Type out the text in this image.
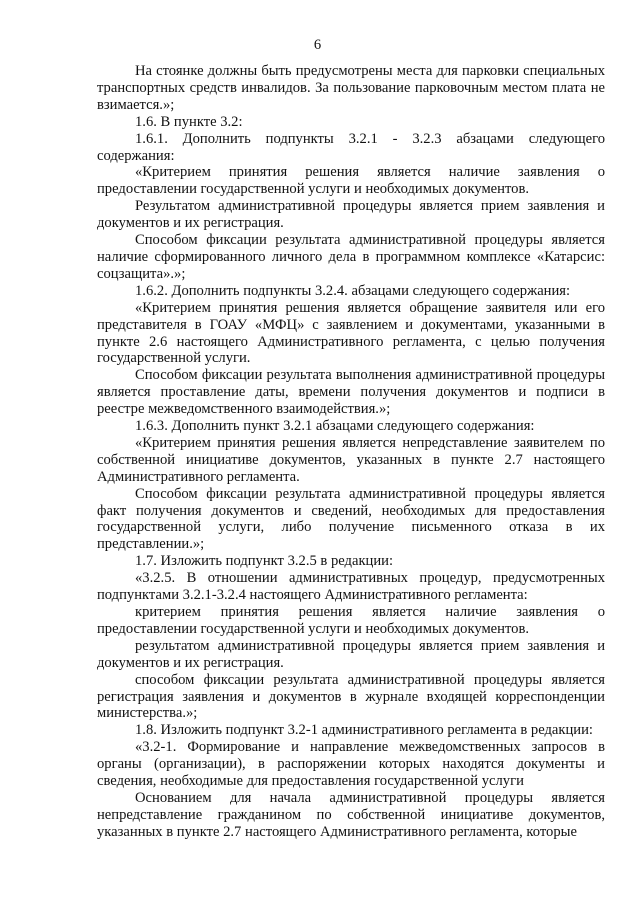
6

На стоянке должны быть предусмотрены места для парковки специальных транспортных средств инвалидов. За пользование парковочным местом плата не взимается.»;

1.6. В пункте 3.2:

1.6.1. Дополнить подпункты 3.2.1 - 3.2.3 абзацами следующего содержания:

«Критерием принятия решения является наличие заявления о предоставлении государственной услуги и необходимых документов.

Результатом административной процедуры является прием заявления и документов и их регистрация.

Способом фиксации результата административной процедуры является наличие сформированного личного дела в программном комплексе «Катарсис: соцзащита».»;

1.6.2. Дополнить подпункты 3.2.4. абзацами следующего содержания:

«Критерием принятия решения является обращение заявителя или его представителя в ГОАУ «МФЦ» с заявлением и документами, указанными в пункте 2.6 настоящего Административного регламента, с целью получения государственной услуги.

Способом фиксации результата выполнения административной процедуры является проставление даты, времени получения документов и подписи в реестре межведомственного взаимодействия.»;

1.6.3. Дополнить пункт 3.2.1 абзацами следующего содержания:

«Критерием принятия решения является непредставление заявителем по собственной инициативе документов, указанных в пункте 2.7 настоящего Административного регламента.

Способом фиксации результата административной процедуры является факт получения документов и сведений, необходимых для предоставления государственной услуги, либо получение письменного отказа в их представлении.»;

1.7. Изложить подпункт 3.2.5 в редакции:

«3.2.5. В отношении административных процедур, предусмотренных подпунктами 3.2.1-3.2.4 настоящего Административного регламента:

критерием принятия решения является наличие заявления о предоставлении государственной услуги и необходимых документов.

результатом административной процедуры является прием заявления и документов и их регистрация.

способом фиксации результата административной процедуры является регистрация заявления и документов в журнале входящей корреспонденции министерства.»;

1.8. Изложить подпункт 3.2-1 административного регламента в редакции:

«3.2-1. Формирование и направление межведомственных запросов в органы (организации), в распоряжении которых находятся документы и сведения, необходимые для предоставления государственной услуги

Основанием для начала административной процедуры является непредставление гражданином по собственной инициативе документов, указанных в пункте 2.7 настоящего Административного регламента, которые
